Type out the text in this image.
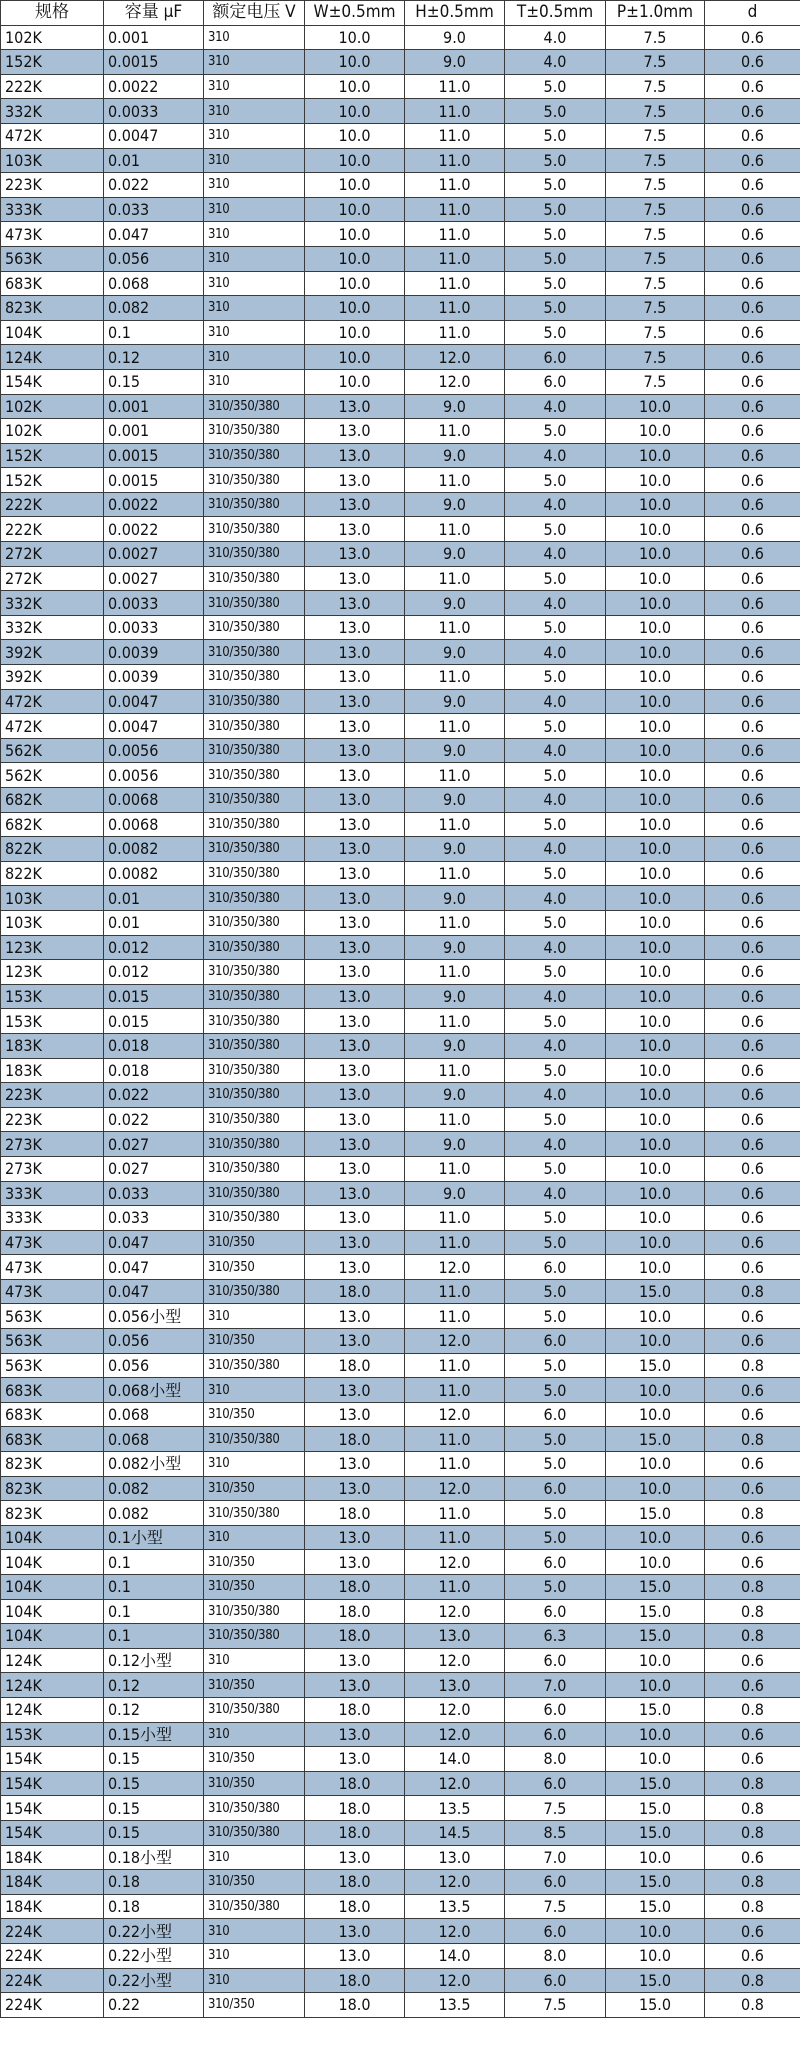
规格	容量 μF	额定电压 V	W±0.5mm	H±0.5mm	T±0.5mm	P±1.0mm	d
102K	0.001	310	10.0	9.0	4.0	7.5	0.6
152K	0.0015	310	10.0	9.0	4.0	7.5	0.6
222K	0.0022	310	10.0	11.0	5.0	7.5	0.6
332K	0.0033	310	10.0	11.0	5.0	7.5	0.6
472K	0.0047	310	10.0	11.0	5.0	7.5	0.6
103K	0.01	310	10.0	11.0	5.0	7.5	0.6
223K	0.022	310	10.0	11.0	5.0	7.5	0.6
333K	0.033	310	10.0	11.0	5.0	7.5	0.6
473K	0.047	310	10.0	11.0	5.0	7.5	0.6
563K	0.056	310	10.0	11.0	5.0	7.5	0.6
683K	0.068	310	10.0	11.0	5.0	7.5	0.6
823K	0.082	310	10.0	11.0	5.0	7.5	0.6
104K	0.1	310	10.0	11.0	5.0	7.5	0.6
124K	0.12	310	10.0	12.0	6.0	7.5	0.6
154K	0.15	310	10.0	12.0	6.0	7.5	0.6
102K	0.001	310/350/380	13.0	9.0	4.0	10.0	0.6
102K	0.001	310/350/380	13.0	11.0	5.0	10.0	0.6
152K	0.0015	310/350/380	13.0	9.0	4.0	10.0	0.6
152K	0.0015	310/350/380	13.0	11.0	5.0	10.0	0.6
222K	0.0022	310/350/380	13.0	9.0	4.0	10.0	0.6
222K	0.0022	310/350/380	13.0	11.0	5.0	10.0	0.6
272K	0.0027	310/350/380	13.0	9.0	4.0	10.0	0.6
272K	0.0027	310/350/380	13.0	11.0	5.0	10.0	0.6
332K	0.0033	310/350/380	13.0	9.0	4.0	10.0	0.6
332K	0.0033	310/350/380	13.0	11.0	5.0	10.0	0.6
392K	0.0039	310/350/380	13.0	9.0	4.0	10.0	0.6
392K	0.0039	310/350/380	13.0	11.0	5.0	10.0	0.6
472K	0.0047	310/350/380	13.0	9.0	4.0	10.0	0.6
472K	0.0047	310/350/380	13.0	11.0	5.0	10.0	0.6
562K	0.0056	310/350/380	13.0	9.0	4.0	10.0	0.6
562K	0.0056	310/350/380	13.0	11.0	5.0	10.0	0.6
682K	0.0068	310/350/380	13.0	9.0	4.0	10.0	0.6
682K	0.0068	310/350/380	13.0	11.0	5.0	10.0	0.6
822K	0.0082	310/350/380	13.0	9.0	4.0	10.0	0.6
822K	0.0082	310/350/380	13.0	11.0	5.0	10.0	0.6
103K	0.01	310/350/380	13.0	9.0	4.0	10.0	0.6
103K	0.01	310/350/380	13.0	11.0	5.0	10.0	0.6
123K	0.012	310/350/380	13.0	9.0	4.0	10.0	0.6
123K	0.012	310/350/380	13.0	11.0	5.0	10.0	0.6
153K	0.015	310/350/380	13.0	9.0	4.0	10.0	0.6
153K	0.015	310/350/380	13.0	11.0	5.0	10.0	0.6
183K	0.018	310/350/380	13.0	9.0	4.0	10.0	0.6
183K	0.018	310/350/380	13.0	11.0	5.0	10.0	0.6
223K	0.022	310/350/380	13.0	9.0	4.0	10.0	0.6
223K	0.022	310/350/380	13.0	11.0	5.0	10.0	0.6
273K	0.027	310/350/380	13.0	9.0	4.0	10.0	0.6
273K	0.027	310/350/380	13.0	11.0	5.0	10.0	0.6
333K	0.033	310/350/380	13.0	9.0	4.0	10.0	0.6
333K	0.033	310/350/380	13.0	11.0	5.0	10.0	0.6
473K	0.047	310/350	13.0	11.0	5.0	10.0	0.6
473K	0.047	310/350	13.0	12.0	6.0	10.0	0.6
473K	0.047	310/350/380	18.0	11.0	5.0	15.0	0.8
563K	0.056小型	310	13.0	11.0	5.0	10.0	0.6
563K	0.056	310/350	13.0	12.0	6.0	10.0	0.6
563K	0.056	310/350/380	18.0	11.0	5.0	15.0	0.8
683K	0.068小型	310	13.0	11.0	5.0	10.0	0.6
683K	0.068	310/350	13.0	12.0	6.0	10.0	0.6
683K	0.068	310/350/380	18.0	11.0	5.0	15.0	0.8
823K	0.082小型	310	13.0	11.0	5.0	10.0	0.6
823K	0.082	310/350	13.0	12.0	6.0	10.0	0.6
823K	0.082	310/350/380	18.0	11.0	5.0	15.0	0.8
104K	0.1小型	310	13.0	11.0	5.0	10.0	0.6
104K	0.1	310/350	13.0	12.0	6.0	10.0	0.6
104K	0.1	310/350	18.0	11.0	5.0	15.0	0.8
104K	0.1	310/350/380	18.0	12.0	6.0	15.0	0.8
104K	0.1	310/350/380	18.0	13.0	6.3	15.0	0.8
124K	0.12小型	310	13.0	12.0	6.0	10.0	0.6
124K	0.12	310/350	13.0	13.0	7.0	10.0	0.6
124K	0.12	310/350/380	18.0	12.0	6.0	15.0	0.8
153K	0.15小型	310	13.0	12.0	6.0	10.0	0.6
154K	0.15	310/350	13.0	14.0	8.0	10.0	0.6
154K	0.15	310/350	18.0	12.0	6.0	15.0	0.8
154K	0.15	310/350/380	18.0	13.5	7.5	15.0	0.8
154K	0.15	310/350/380	18.0	14.5	8.5	15.0	0.8
184K	0.18小型	310	13.0	13.0	7.0	10.0	0.6
184K	0.18	310/350	18.0	12.0	6.0	15.0	0.8
184K	0.18	310/350/380	18.0	13.5	7.5	15.0	0.8
224K	0.22小型	310	13.0	12.0	6.0	10.0	0.6
224K	0.22小型	310	13.0	14.0	8.0	10.0	0.6
224K	0.22小型	310	18.0	12.0	6.0	15.0	0.8
224K	0.22	310/350	18.0	13.5	7.5	15.0	0.8
